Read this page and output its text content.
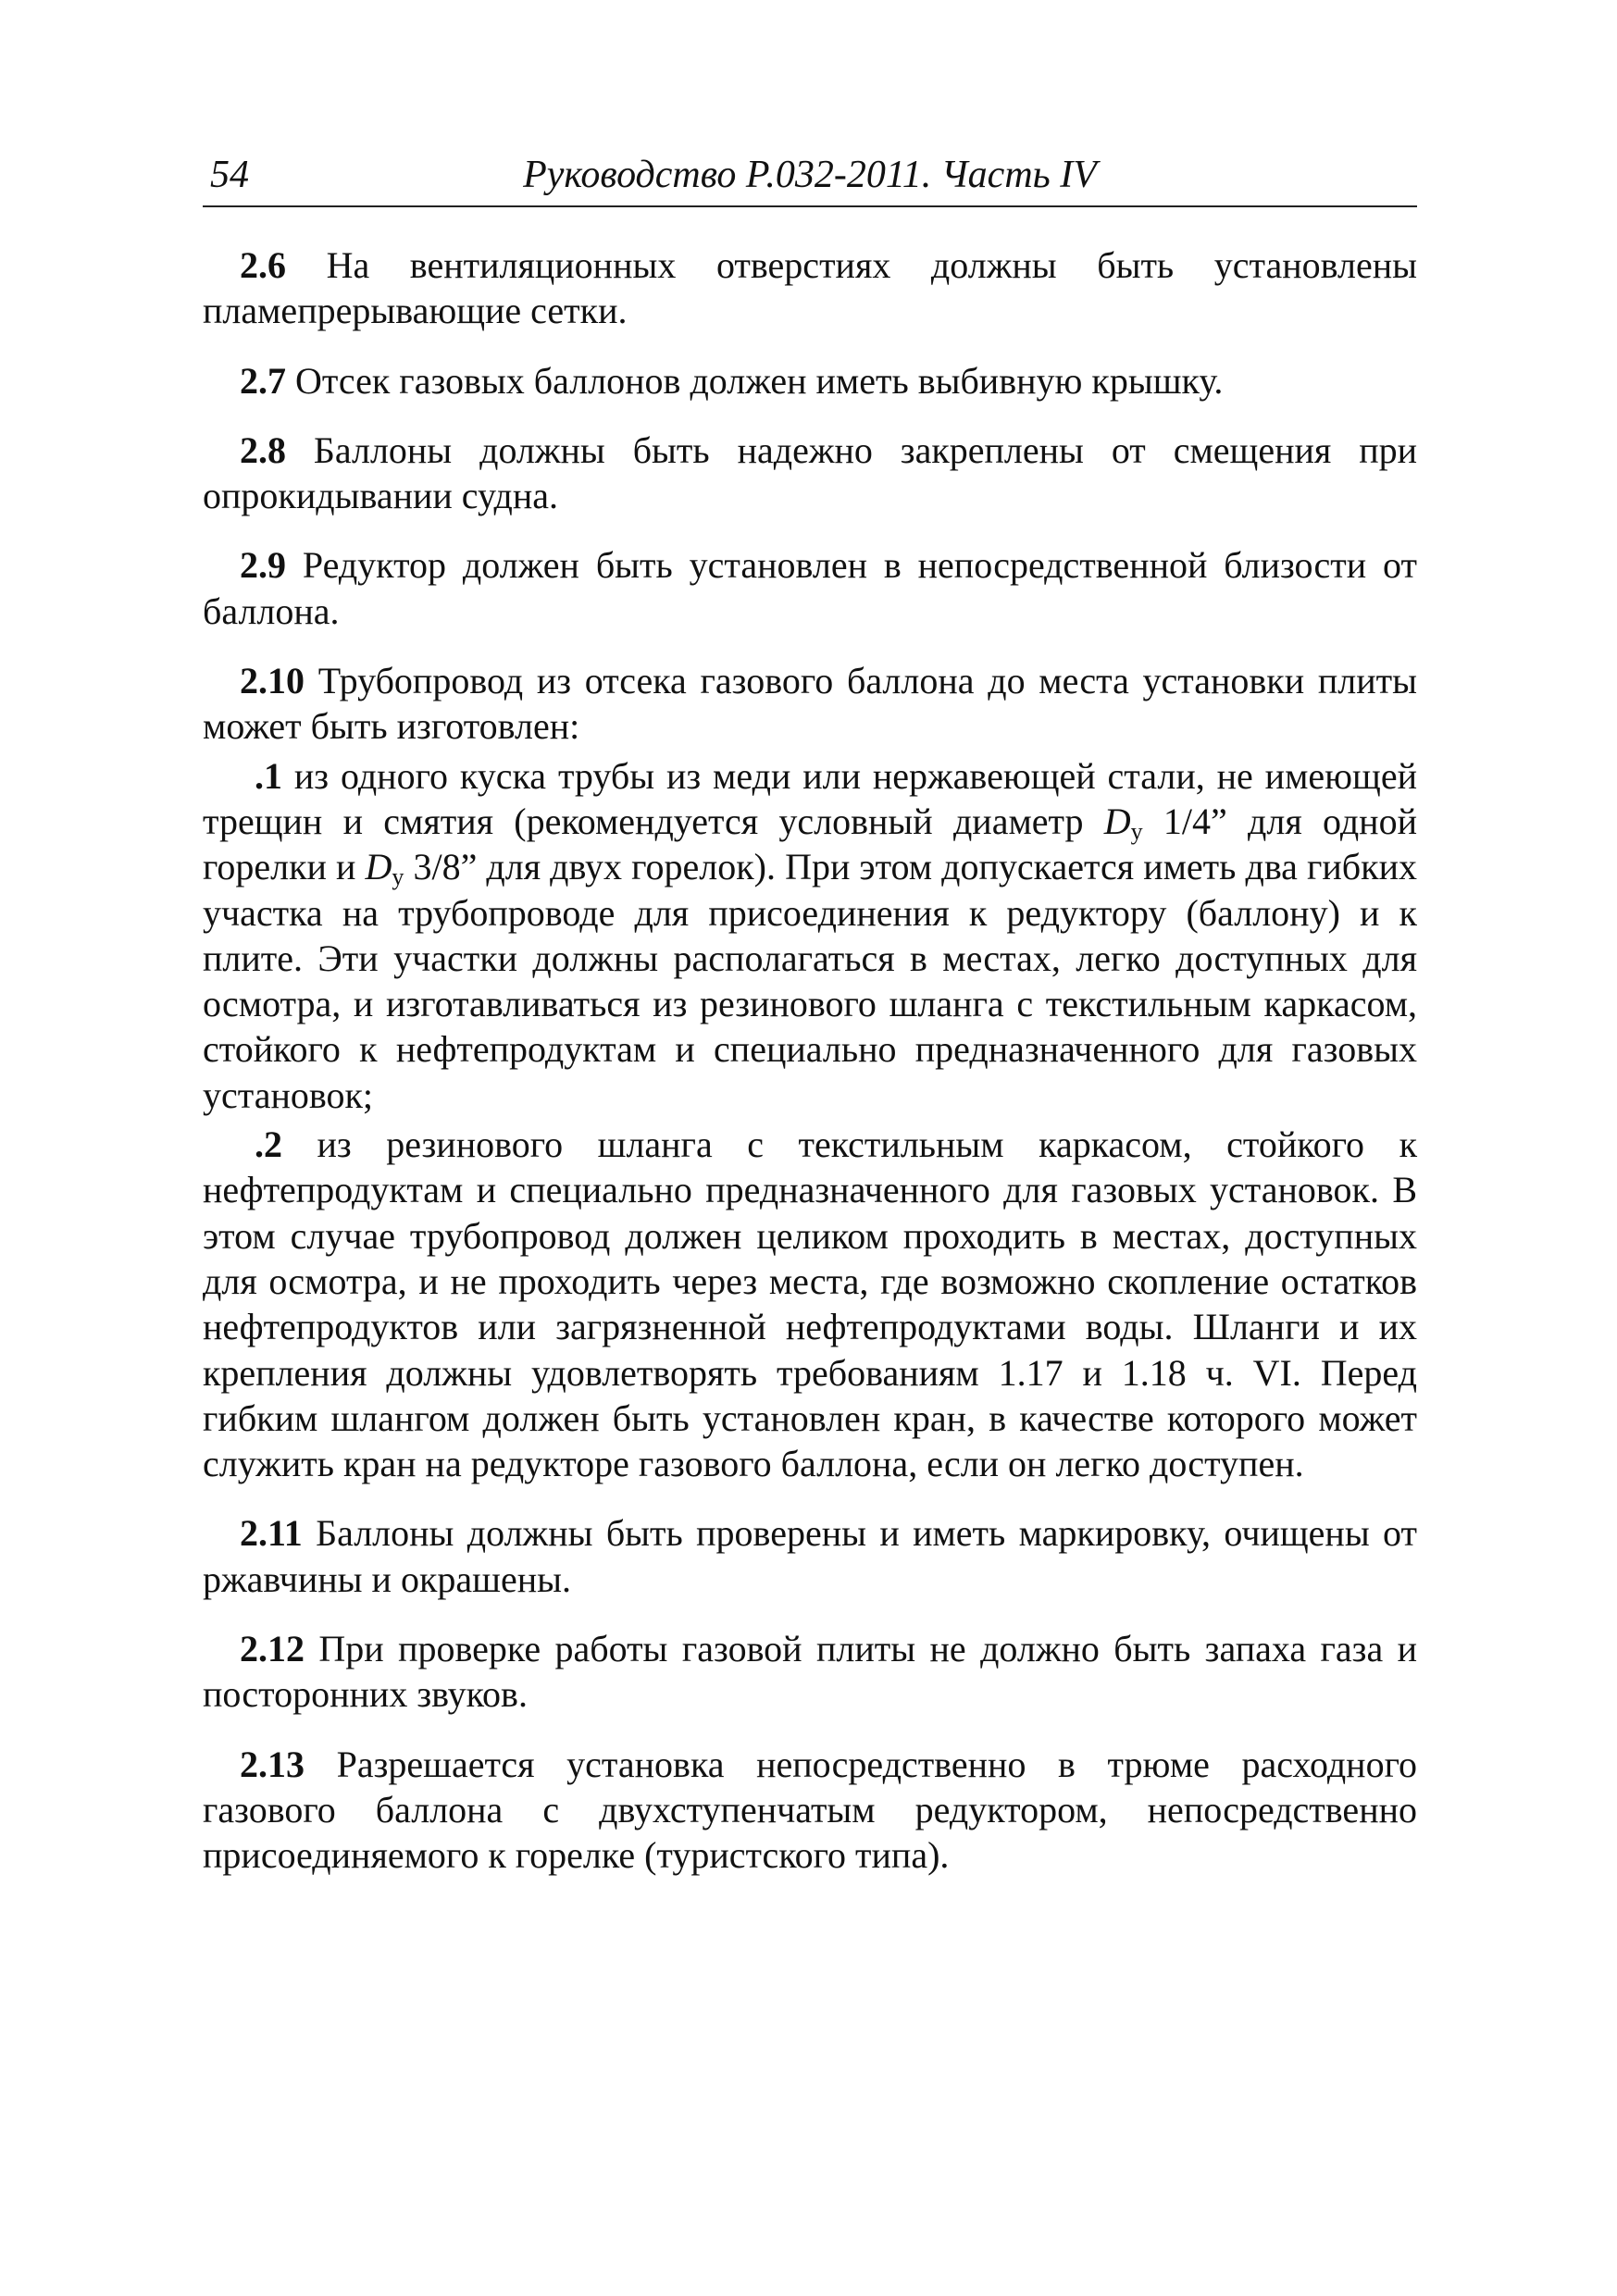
54	Руководство Р.032-2011. Часть IV

2.6 На вентиляционных отверстиях должны быть установлены пламепрерывающие сетки.

2.7 Отсек газовых баллонов должен иметь выбивную крышку.

2.8 Баллоны должны быть надежно закреплены от смещения при опрокидывании судна.

2.9 Редуктор должен быть установлен в непосредственной близости от баллона.

2.10 Трубопровод из отсека газового баллона до места установки плиты может быть изготовлен:

.1 из одного куска трубы из меди или нержавеющей стали, не имеющей трещин и смятия (рекомендуется условный диаметр $D_у$ 1/4” для одной горелки и $D_у$ 3/8” для двух горелок). При этом допускается иметь два гибких участка на трубопроводе для присоединения к редуктору (баллону) и к плите. Эти участки должны располагаться в местах, легко доступных для осмотра, и изготавливаться из резинового шланга с текстильным каркасом, стойкого к нефтепродуктам и специально предназначенного для газовых установок;

.2 из резинового шланга с текстильным каркасом, стойкого к нефтепродуктам и специально предназначенного для газовых установок. В этом случае трубопровод должен целиком проходить в местах, доступных для осмотра, и не проходить через места, где возможно скопление остатков нефтепродуктов или загрязненной нефтепродуктами воды. Шланги и их крепления должны удовлетворять требованиям 1.17 и 1.18 ч. VI. Перед гибким шлангом должен быть установлен кран, в качестве которого может служить кран на редукторе газового баллона, если он легко доступен.

2.11 Баллоны должны быть проверены и иметь маркировку, очищены от ржавчины и окрашены.

2.12 При проверке работы газовой плиты не должно быть запаха газа и посторонних звуков.

2.13 Разрешается установка непосредственно в трюме расходного газового баллона с двухступенчатым редуктором, непосредственно присоединяемого к горелке (туристского типа).
